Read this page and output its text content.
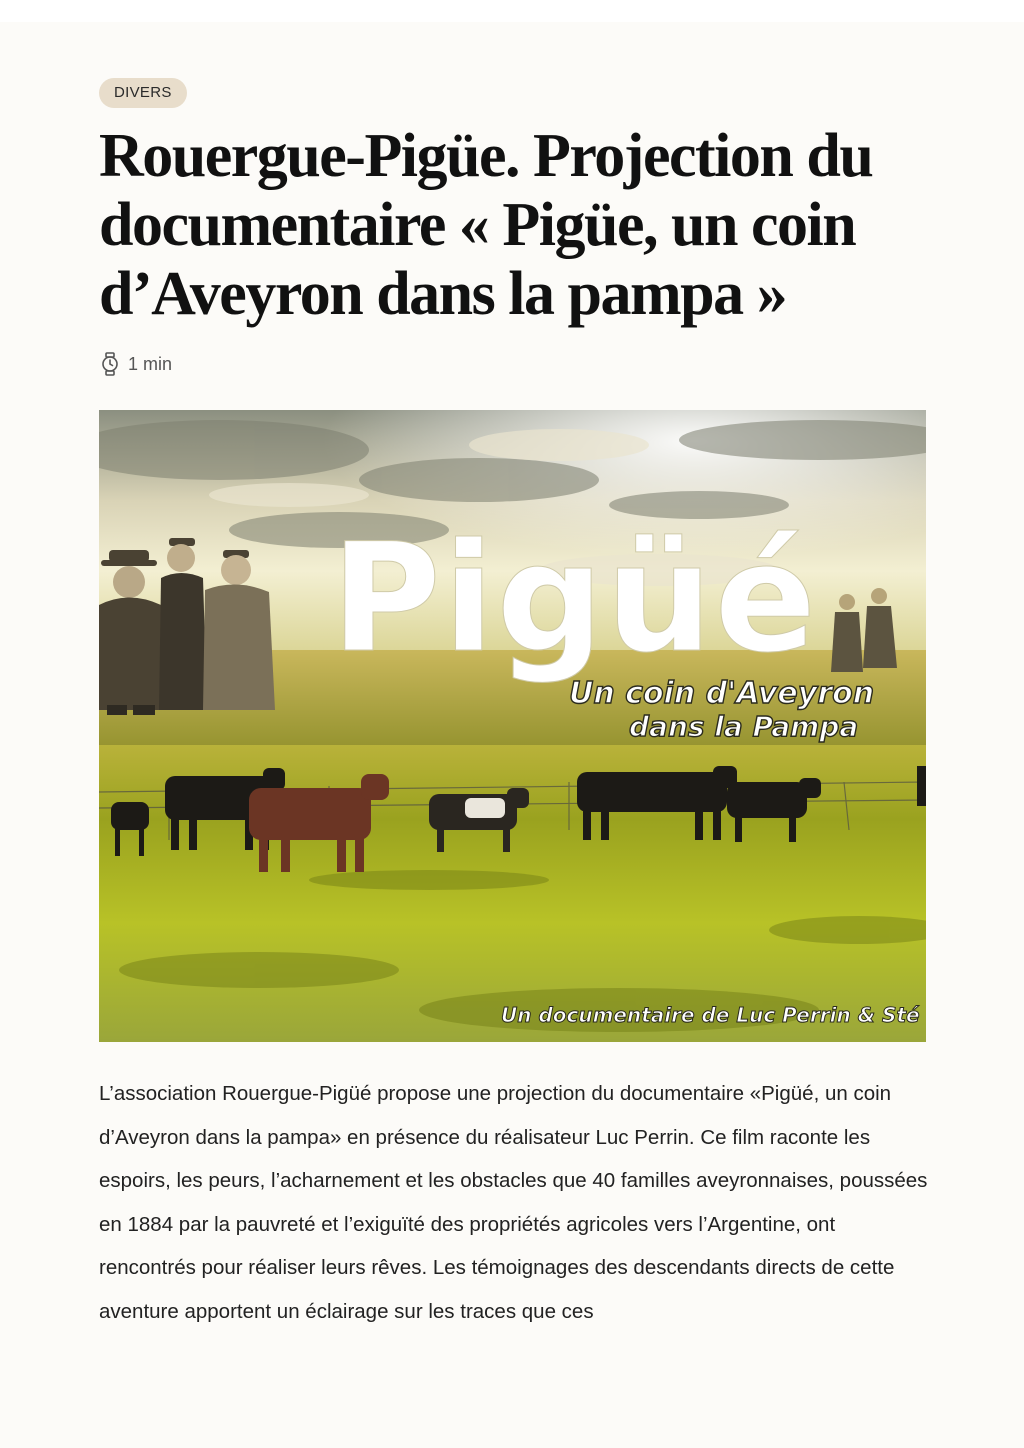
DIVERS
Rouergue-Pigüe. Projection du documentaire « Pigüe, un coin d’Aveyron dans la pampa »
1 min
Pigüé
Un coin d'Aveyron
dans la Pampa
Un documentaire de Luc Perrin & Sté

L’association Rouergue-Pigüé propose une projection du documentaire «Pigüé, un coin d’Aveyron dans la pampa» en présence du réalisateur Luc Perrin. Ce film raconte les espoirs, les peurs, l’acharnement et les obstacles que 40 familles aveyronnaises, poussées en 1884 par la pauvreté et l’exiguïté des propriétés agricoles vers l’Argentine, ont rencontrés pour réaliser leurs rêves. Les témoignages des descendants directs de cette aventure apportent un éclairage sur les traces que ces
